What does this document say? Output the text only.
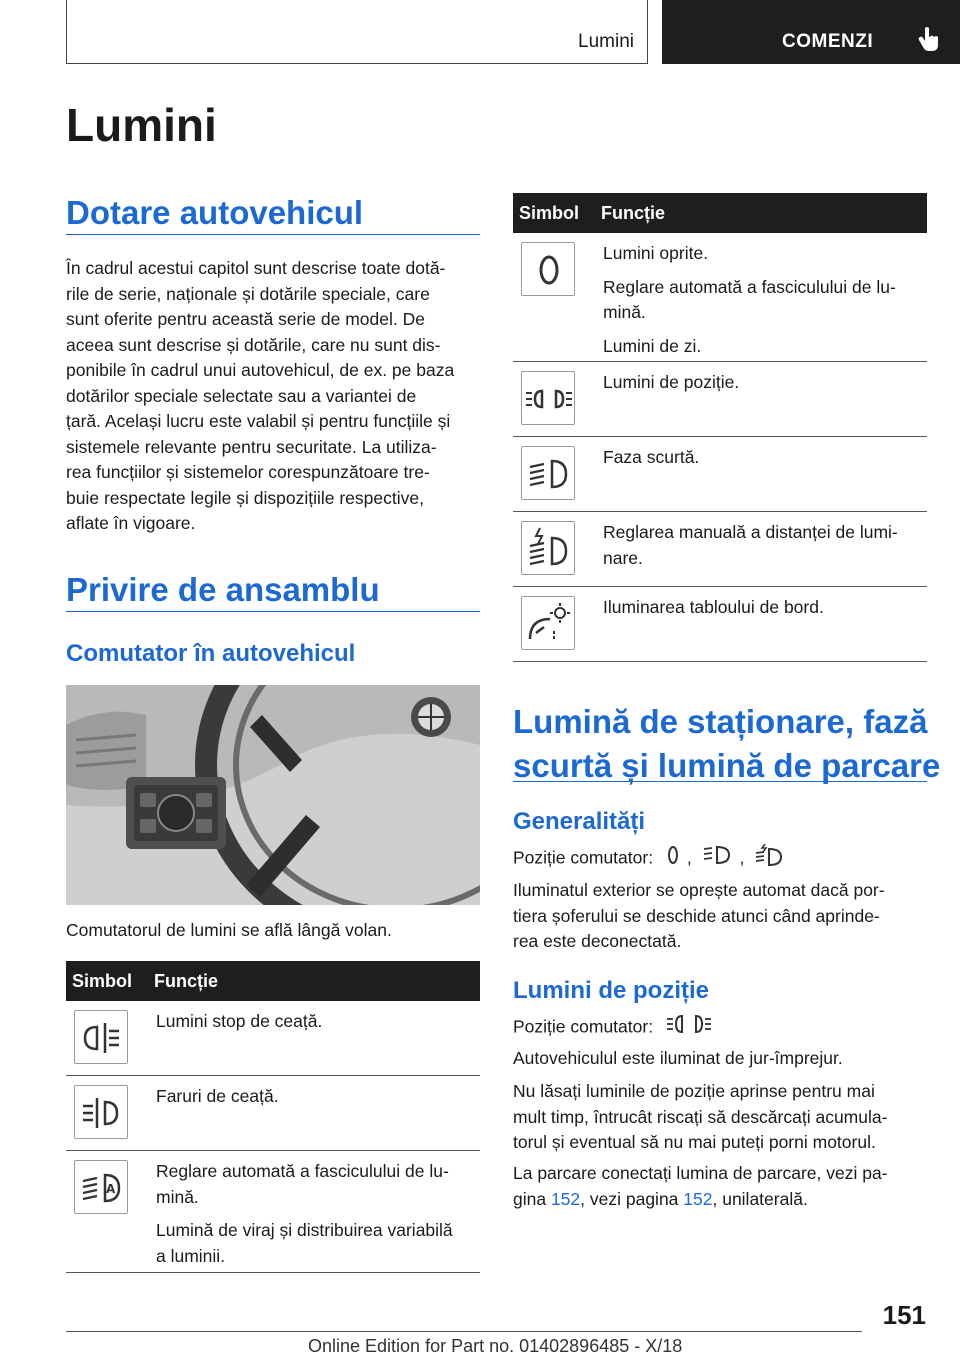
Lumini	COMENZI
Lumini
Dotare autovehicul
În cadrul acestui capitol sunt descrise toate dotă-
rile de serie, naționale și dotările speciale, care
sunt oferite pentru această serie de model. De
aceea sunt descrise și dotările, care nu sunt dis-
ponibile în cadrul unui autovehicul, de ex. pe baza
dotărilor speciale selectate sau a variantei de
țară. Același lucru este valabil și pentru funcțiile și
sistemele relevante pentru securitate. La utiliza-
rea funcțiilor și sistemelor corespunzătoare tre-
buie respectate legile și dispozițiile respective,
aflate în vigoare.
Privire de ansamblu
Comutator în autovehicul
Comutatorul de lumini se află lângă volan.
Simbol Funcție

Lumini stop de ceață.

Faruri de ceață.

A

Reglare automată a fasciculului de lu-

mină.

Lumină de viraj și distribuirea variabilă

a luminii.

Simbol Funcție

Lumini oprite.

Reglare automată a fasciculului de lu-

mină.

Lumini de zi.

Lumini de poziție.

Faza scurtă.

Reglarea manuală a distanței de lumi-

nare.

Iluminarea tabloului de bord.

Lumină de staționare, fază
scurtă și lumină de parcare
Generalități
Poziție comutator: ,	,
Iluminatul exterior se oprește automat dacă por-
tiera șoferului se deschide atunci când aprinde-
rea este deconectată.
Lumini de poziție
Poziție comutator:
Autovehiculul este iluminat de jur-împrejur.
Nu lăsați luminile de poziție aprinse pentru mai
mult timp, întrucât riscați să descărcați acumula-
torul și eventual să nu mai puteți porni motorul.
La parcare conectați lumina de parcare, vezi pa-
gina 152, vezi pagina 152, unilaterală.
151
Online Edition for Part no. 01402896485 - X/18
